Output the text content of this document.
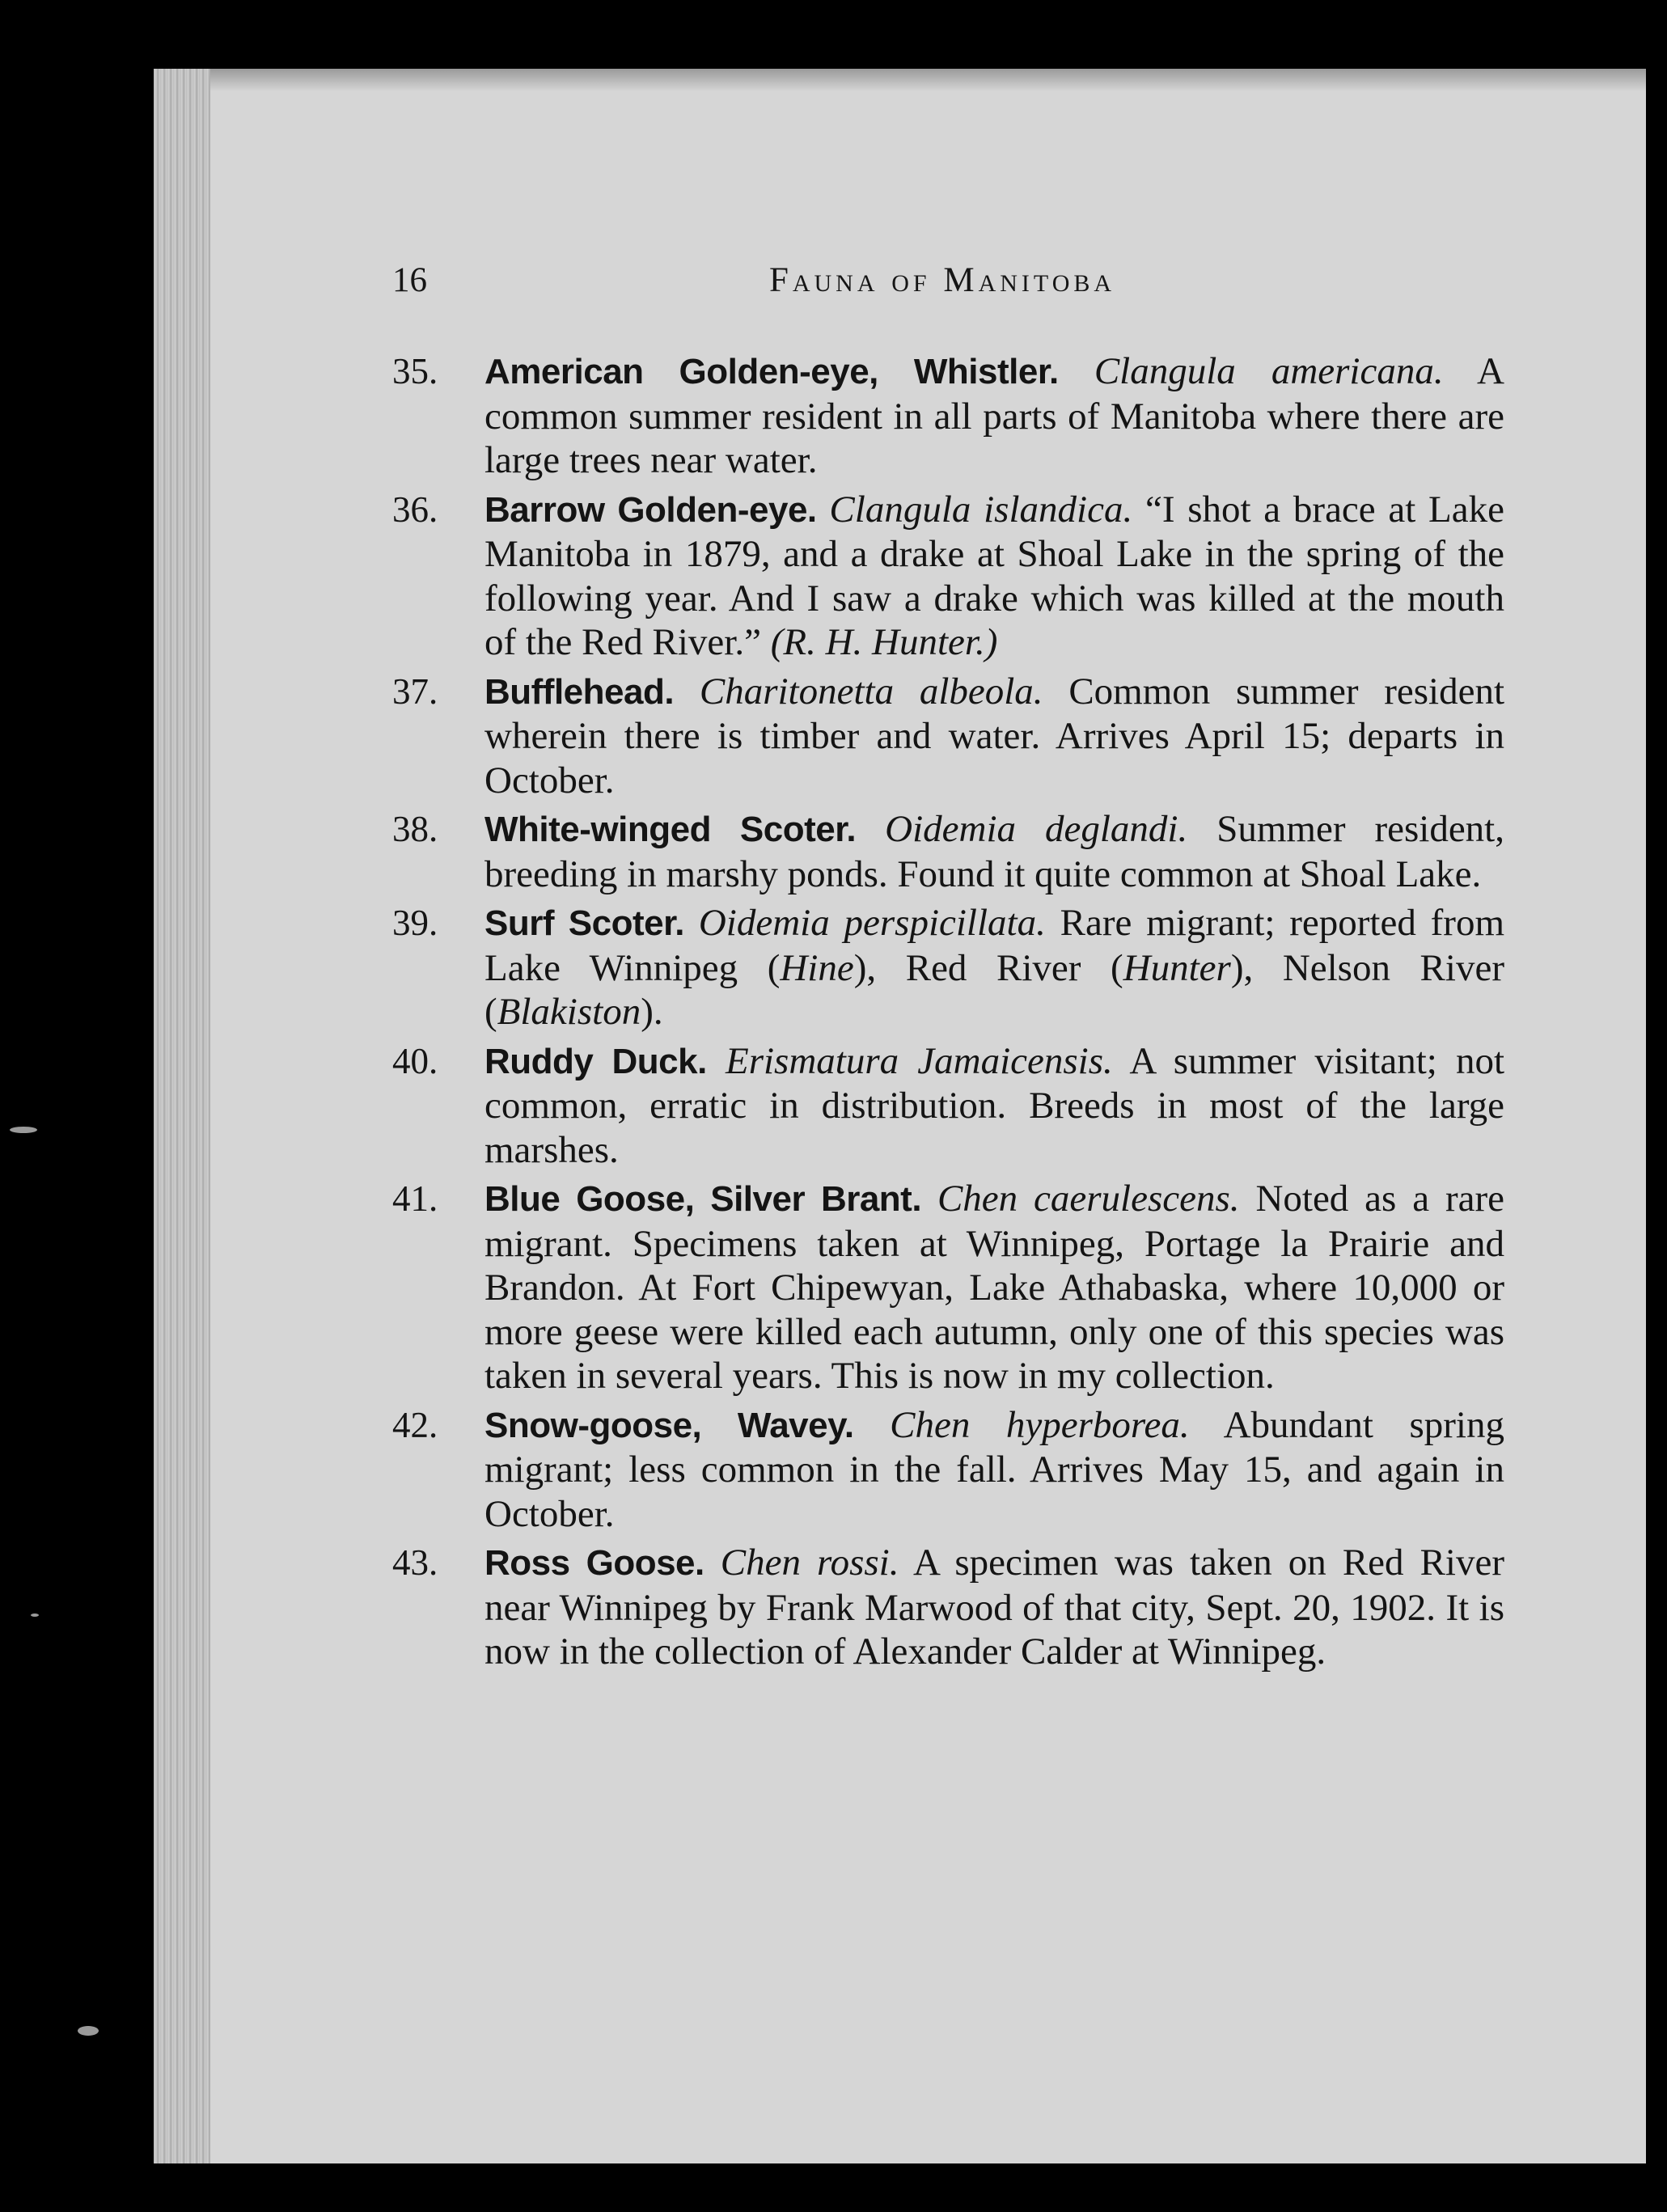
16	Fauna of Manitoba
35. American Golden-eye, Whistler. Clangula americana. A common summer resident in all parts of Manitoba where there are large trees near water.
36. Barrow Golden-eye. Clangula islandica. “I shot a brace at Lake Manitoba in 1879, and a drake at Shoal Lake in the spring of the following year. And I saw a drake which was killed at the mouth of the Red River.” (R. H. Hunter.)
37. Bufflehead. Charitonetta albeola. Common summer resident wherein there is timber and water. Arrives April 15; departs in October.
38. White-winged Scoter. Oidemia deglandi. Summer resident, breeding in marshy ponds. Found it quite common at Shoal Lake.
39. Surf Scoter. Oidemia perspicillata. Rare migrant; reported from Lake Winnipeg (Hine), Red River (Hunter), Nelson River (Blakiston).
40. Ruddy Duck. Erismatura Jamaicensis. A summer visitant; not common, erratic in distribution. Breeds in most of the large marshes.
41. Blue Goose, Silver Brant. Chen caerulescens. Noted as a rare migrant. Specimens taken at Winnipeg, Portage la Prairie and Brandon. At Fort Chipewyan, Lake Athabaska, where 10,000 or more geese were killed each autumn, only one of this species was taken in several years. This is now in my collection.
42. Snow-goose, Wavey. Chen hyperborea. Abundant spring migrant; less common in the fall. Arrives May 15, and again in October.
43. Ross Goose. Chen rossi. A specimen was taken on Red River near Winnipeg by Frank Marwood of that city, Sept. 20, 1902. It is now in the collection of Alexander Calder at Winnipeg.
